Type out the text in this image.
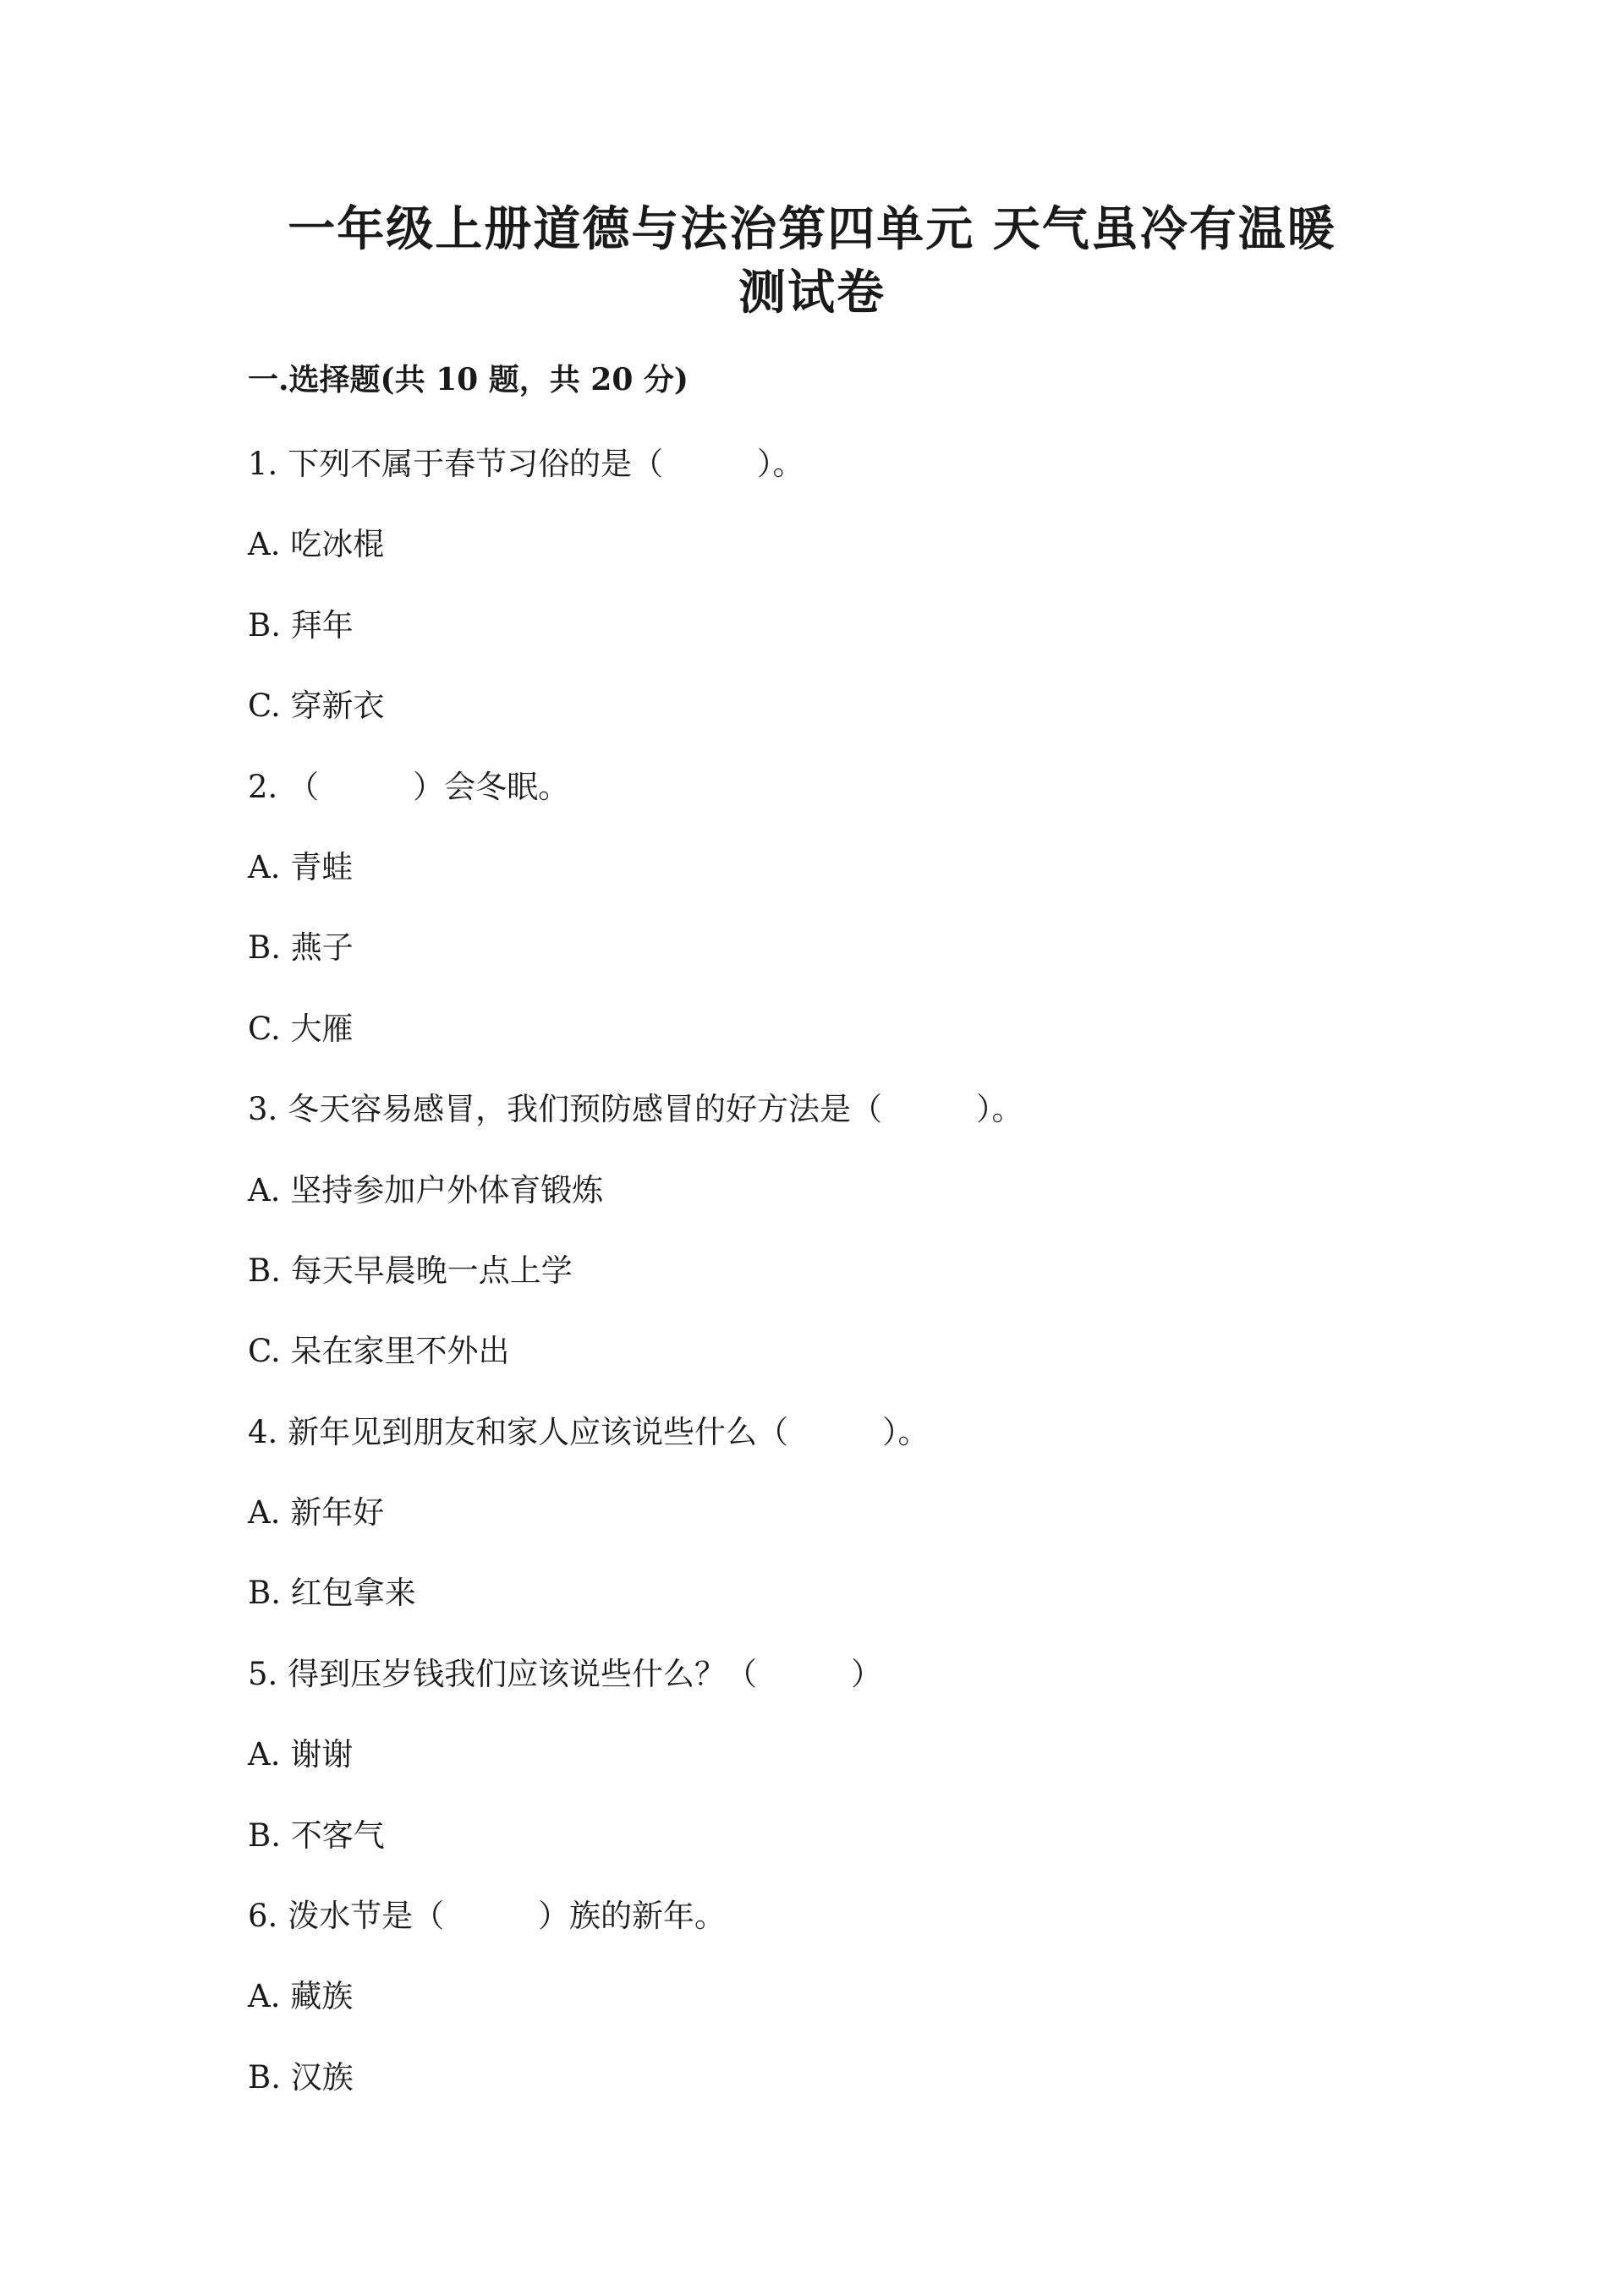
一年级上册道德与法治第四单元 天气虽冷有温暖
测试卷
一.选择题(共 10 题，共 20 分)

1. 下列不属于春节习俗的是（　　　）。

A. 吃冰棍

B. 拜年

C. 穿新衣

2. （　　　）会冬眠。

A. 青蛙

B. 燕子

C. 大雁

3. 冬天容易感冒，我们预防感冒的好方法是（　　　）。

A. 坚持参加户外体育锻炼

B. 每天早晨晚一点上学

C. 呆在家里不外出

4. 新年见到朋友和家人应该说些什么（　　　）。

A. 新年好

B. 红包拿来

5. 得到压岁钱我们应该说些什么？（　　　）

A. 谢谢

B. 不客气

6. 泼水节是（　　　）族的新年。

A. 藏族

B. 汉族
